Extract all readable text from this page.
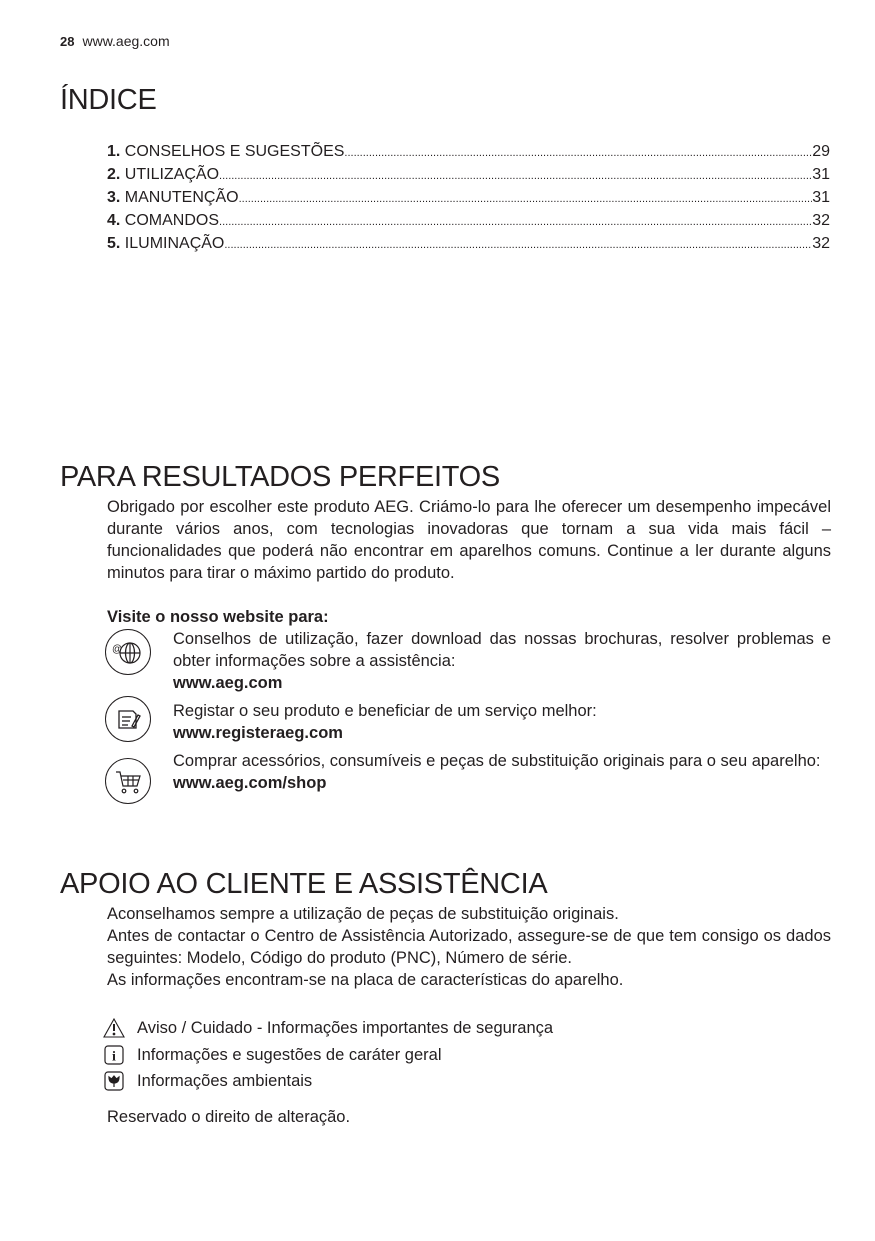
28 www.aeg.com
ÍNDICE
1.
CONSELHOS E SUGESTÕES .....	29
2.
UTILIZAÇÃO .....	31
3.
MANUTENÇÃO .....	31
4.
COMANDOS .....	32
5.
ILUMINAÇÃO .....	32
PARA RESULTADOS PERFEITOS
Obrigado por escolher este produto AEG. Criámo-lo para lhe oferecer um desempenho impecável durante vários anos, com tecnologias inovadoras que tornam a sua vida mais fácil – funcionalidades que poderá não encontrar em aparelhos comuns. Continue a ler durante alguns minutos para tirar o máximo partido do produto.
Visite o nosso website para:
@
Conselhos de utilização, fazer download das nossas brochuras, resolver problemas e obter informações sobre a assistência:
www.aeg.com
Registar o seu produto e beneficiar de um serviço melhor:
www.registeraeg.com
Comprar acessórios, consumíveis e peças de substituição originais para o seu aparelho:
www.aeg.com/shop
APOIO AO CLIENTE E ASSISTÊNCIA
Aconselhamos sempre a utilização de peças de substituição originais.
Antes de contactar o Centro de Assistência Autorizado, assegure-se de que tem consigo os dados seguintes: Modelo, Código do produto (PNC), Número de série.
As informações encontram-se na placa de características do aparelho.
Aviso / Cuidado - Informações importantes de segurança
i Informações e sugestões de caráter geral
Informações ambientais
Reservado o direito de alteração.
